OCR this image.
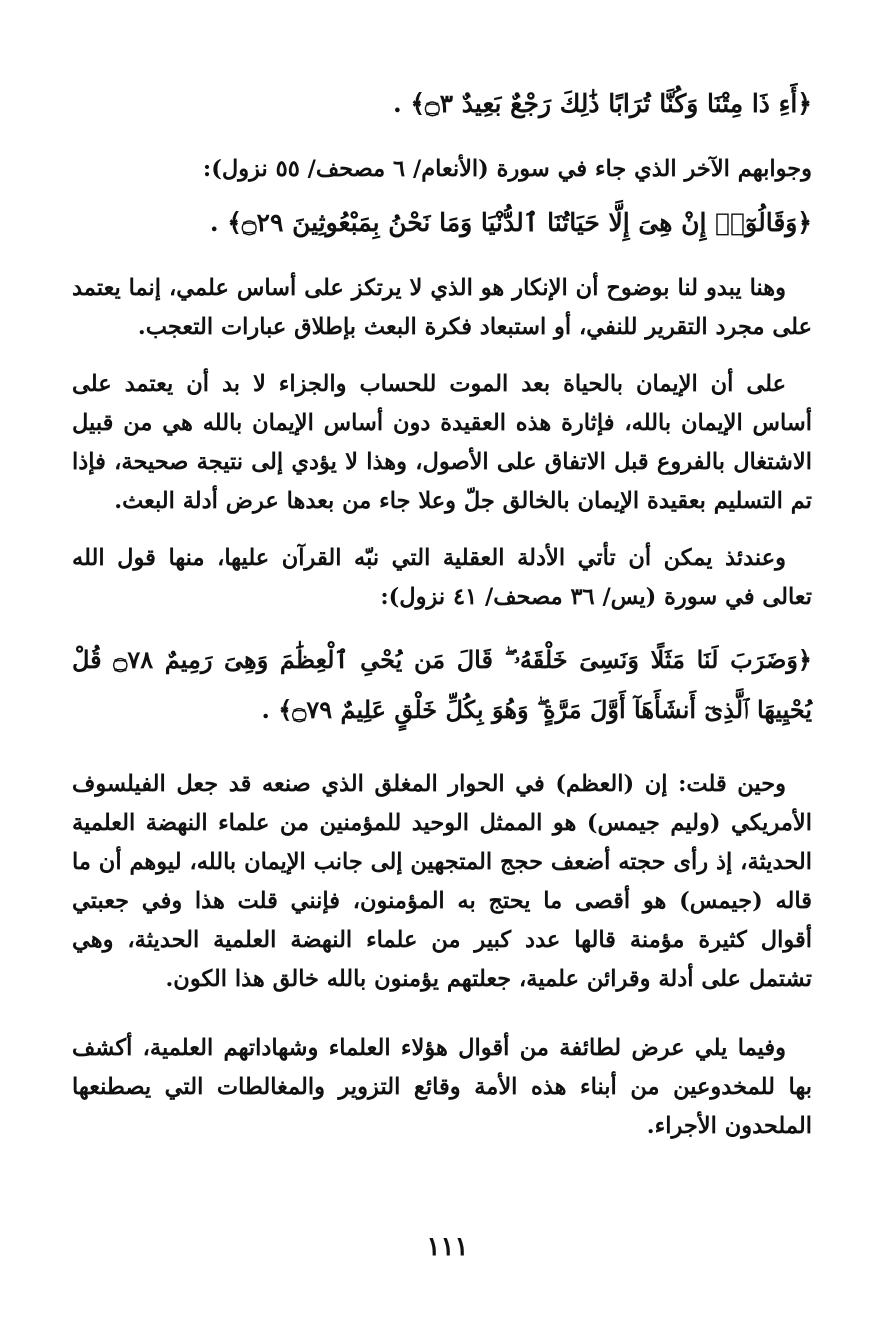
﴿أَءِ ذَا مِتْنَا وَكُنَّا تُرَابًا ذَٰلِكَ رَجْعٌ بَعِيدٌ ۝٣﴾ .

وجوابهم الآخر الذي جاء في سورة (الأنعام/ ٦ مصحف/ ٥٥ نزول):

﴿وَقَالُوٓا۟ إِنْ هِىَ إِلَّا حَيَاتُنَا ٱلدُّنْيَا وَمَا نَحْنُ بِمَبْعُوثِينَ ۝٢٩﴾ .

وهنا يبدو لنا بوضوح أن الإنكار هو الذي لا يرتكز على أساس علمي، إنما يعتمد على مجرد التقرير للنفي، أو استبعاد فكرة البعث بإطلاق عبارات التعجب.

على أن الإيمان بالحياة بعد الموت للحساب والجزاء لا بد أن يعتمد على أساس الإيمان بالله، فإثارة هذه العقيدة دون أساس الإيمان بالله هي من قبيل الاشتغال بالفروع قبل الاتفاق على الأصول، وهذا لا يؤدي إلى نتيجة صحيحة، فإذا تم التسليم بعقيدة الإيمان بالخالق جلّ وعلا جاء من بعدها عرض أدلة البعث.

وعندئذ يمكن أن تأتي الأدلة العقلية التي نبّه القرآن عليها، منها قول الله تعالى في سورة (يس/ ٣٦ مصحف/ ٤١ نزول):

﴿وَضَرَبَ لَنَا مَثَلًا وَنَسِىَ خَلْقَهُۥ ۖ قَالَ مَن يُحْىِ ٱلْعِظَٰمَ وَهِىَ رَمِيمٌ ۝٧٨ قُلْ يُحْيِيهَا ٱلَّذِىٓ أَنشَأَهَآ أَوَّلَ مَرَّةٍ ۖ وَهُوَ بِكُلِّ خَلْقٍ عَلِيمٌ ۝٧٩﴾ .

وحين قلت: إن (العظم) في الحوار المغلق الذي صنعه قد جعل الفيلسوف الأمريكي (وليم جيمس) هو الممثل الوحيد للمؤمنين من علماء النهضة العلمية الحديثة، إذ رأى حجته أضعف حجج المتجهين إلى جانب الإيمان بالله، ليوهم أن ما قاله (جيمس) هو أقصى ما يحتج به المؤمنون، فإنني قلت هذا وفي جعبتي أقوال كثيرة مؤمنة قالها عدد كبير من علماء النهضة العلمية الحديثة، وهي تشتمل على أدلة وقرائن علمية، جعلتهم يؤمنون بالله خالق هذا الكون.

وفيما يلي عرض لطائفة من أقوال هؤلاء العلماء وشهاداتهم العلمية، أكشف بها للمخدوعين من أبناء هذه الأمة وقائع التزوير والمغالطات التي يصطنعها الملحدون الأجراء.

١١١
